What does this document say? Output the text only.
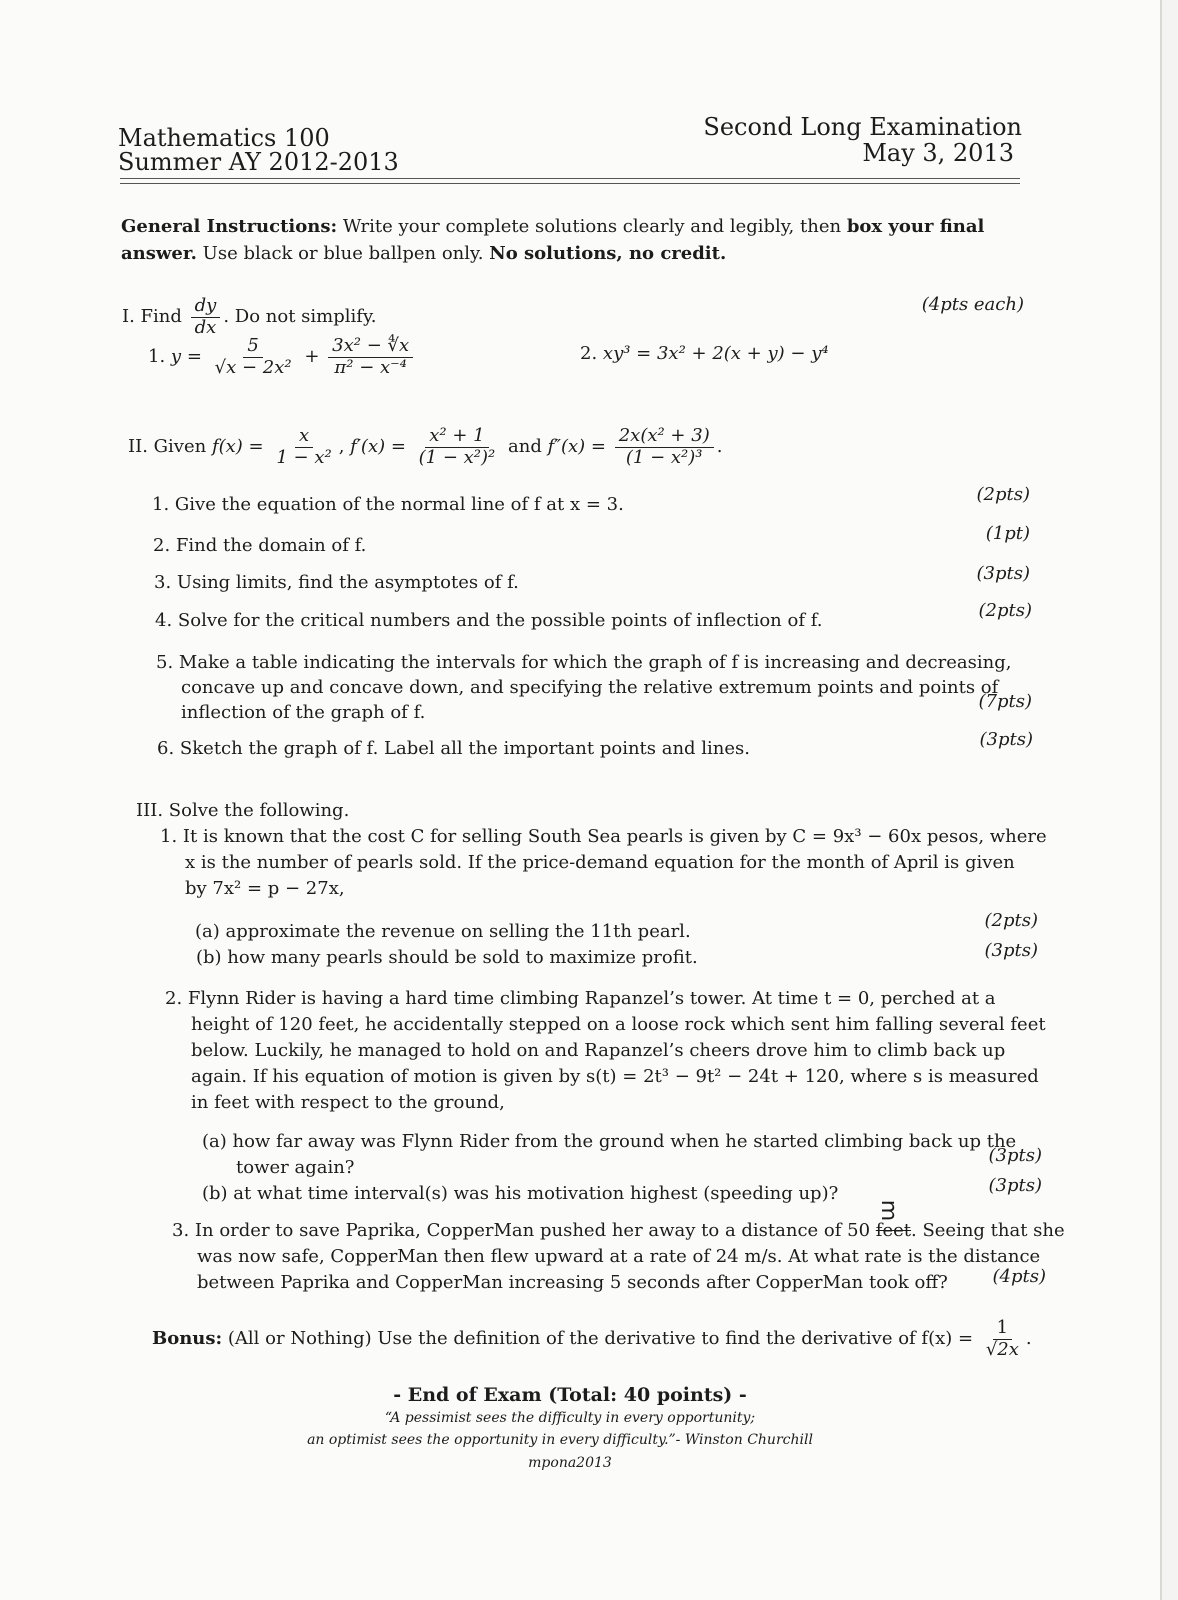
Mathematics 100
Summer AY 2012-2013
Second Long Examination
May 3, 2013
General Instructions: Write your complete solutions clearly and legibly, then box your final
answer. Use black or blue ballpen only. No solutions, no credit.
I. Find $\frac{dy}{dx}$ . Do not simplify.
(4pts each)
1. $y = \frac{5}{\text{√x − 2x²}} + \frac{\text{3x² − ∜x}}{\text{π² − x⁻⁴}}$	2. xy³ = 3x² + 2(x + y) − y⁴
II. Given $f(x) = \frac{x}{\text{1 − x²}}$ , $f'(x) = \frac{\text{x² + 1}}{\text{(1 − x²)²}}$ and $f''(x) = \frac{\text{2x(x² + 3)}}{\text{(1 − x²)³}}$ .
1. Give the equation of the normal line of f at x = 3.	(2pts)
2. Find the domain of f.
(1pt)
3. Using limits, find the asymptotes of f.	(3pts)
4. Solve for the critical numbers and the possible points of inflection of f.	(2pts)
5. Make a table indicating the intervals for which the graph of f is increasing and decreasing,
concave up and concave down, and specifying the relative extremum points and points of
inflection of the graph of f.
(7pts)
6. Sketch the graph of f. Label all the important points and lines.	(3pts)
III. Solve the following.
1. It is known that the cost C for selling South Sea pearls is given by C = 9x³ − 60x pesos, where
x is the number of pearls sold. If the price-demand equation for the month of April is given
by 7x² = p − 27x,
(a) approximate the revenue on selling the 11th pearl.
(2pts)
(b) how many pearls should be sold to maximize profit.	(3pts)
2. Flynn Rider is having a hard time climbing Rapanzel’s tower. At time t = 0, perched at a
height of 120 feet, he accidentally stepped on a loose rock which sent him falling several feet
below. Luckily, he managed to hold on and Rapanzel’s cheers drove him to climb back up
again. If his equation of motion is given by s(t) = 2t³ − 9t² − 24t + 120, where s is measured
in feet with respect to the ground,
(a) how far away was Flynn Rider from the ground when he started climbing back up the
tower again?
(3pts)
(b) at what time interval(s) was his motivation highest (speeding up)?	(3pts)
3. In order to save Paprika, CopperMan pushed her away to a distance of 50 feet
m
. Seeing that she
was now safe, CopperMan then flew upward at a rate of 24 m/s. At what rate is the distance
between Paprika and CopperMan increasing 5 seconds after CopperMan took off? (4pts)
Bonus: (All or Nothing) Use the definition of the derivative to find the derivative of $f(x) = \frac{1}{√2x}$ .
- End of Exam (Total: 40 points) -
“A pessimist sees the difficulty in every opportunity;
an optimist sees the opportunity in every difficulty.”- Winston Churchill
mpona2013
